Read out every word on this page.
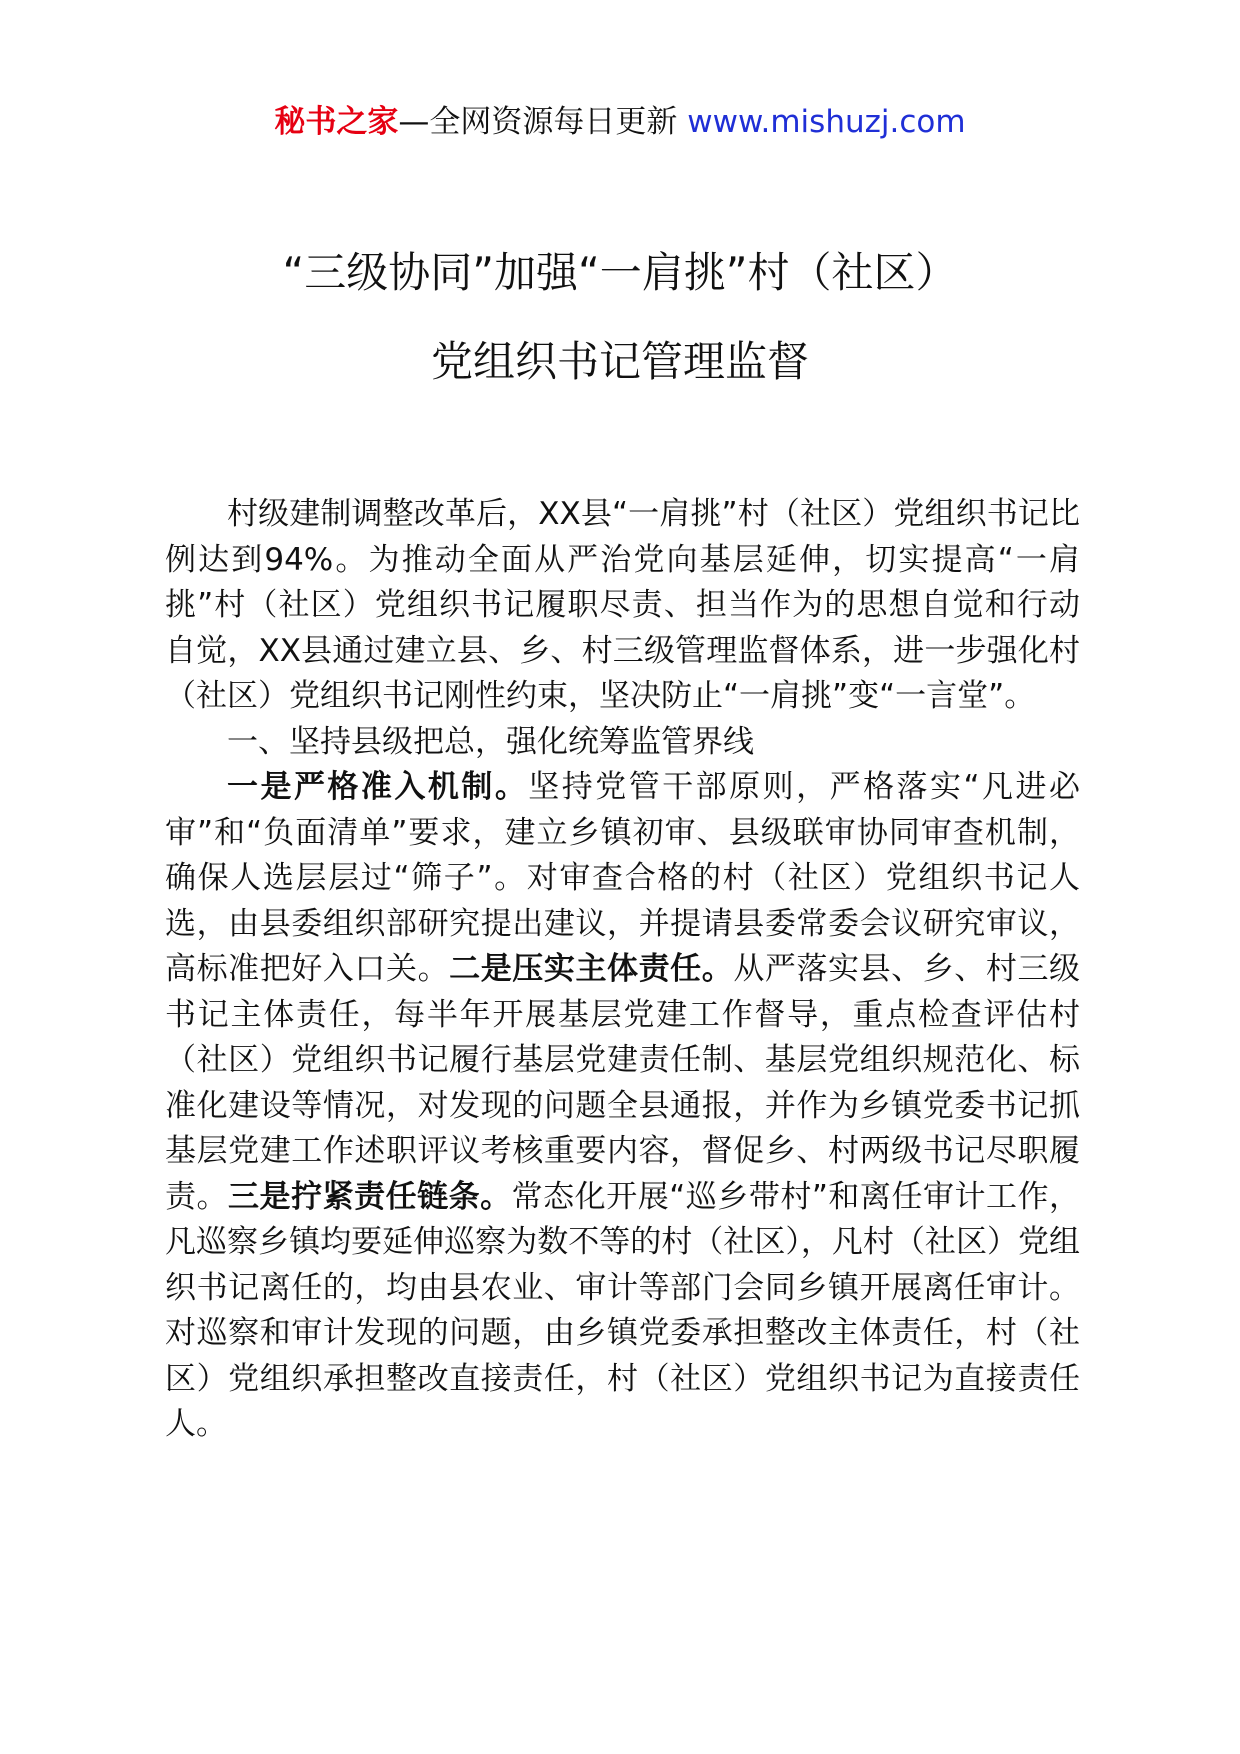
秘书之家—全网资源每日更新 www.mishuzj.com
“三级协同”加强“一肩挑”村（社区）
党组织书记管理监督

村级建制调整改革后，XX县“一肩挑”村（社区）党组织书记比例达到94%。为推动全面从严治党向基层延伸，切实提高“一肩挑”村（社区）党组织书记履职尽责、担当作为的思想自觉和行动自觉，XX县通过建立县、乡、村三级管理监督体系，进一步强化村（社区）党组织书记刚性约束，坚决防止“一肩挑”变“一言堂”。

一、坚持县级把总，强化统筹监管界线

一是严格准入机制。坚持党管干部原则，严格落实“凡进必审”和“负面清单”要求，建立乡镇初审、县级联审协同审查机制，确保人选层层过“筛子”。对审查合格的村（社区）党组织书记人选，由县委组织部研究提出建议，并提请县委常委会议研究审议，高标准把好入口关。二是压实主体责任。从严落实县、乡、村三级书记主体责任，每半年开展基层党建工作督导，重点检查评估村（社区）党组织书记履行基层党建责任制、基层党组织规范化、标准化建设等情况，对发现的问题全县通报，并作为乡镇党委书记抓基层党建工作述职评议考核重要内容，督促乡、村两级书记尽职履责。三是拧紧责任链条。常态化开展“巡乡带村”和离任审计工作，凡巡察乡镇均要延伸巡察为数不等的村（社区），凡村（社区）党组织书记离任的，均由县农业、审计等部门会同乡镇开展离任审计。对巡察和审计发现的问题，由乡镇党委承担整改主体责任，村（社区）党组织承担整改直接责任，村（社区）党组织书记为直接责任人。
